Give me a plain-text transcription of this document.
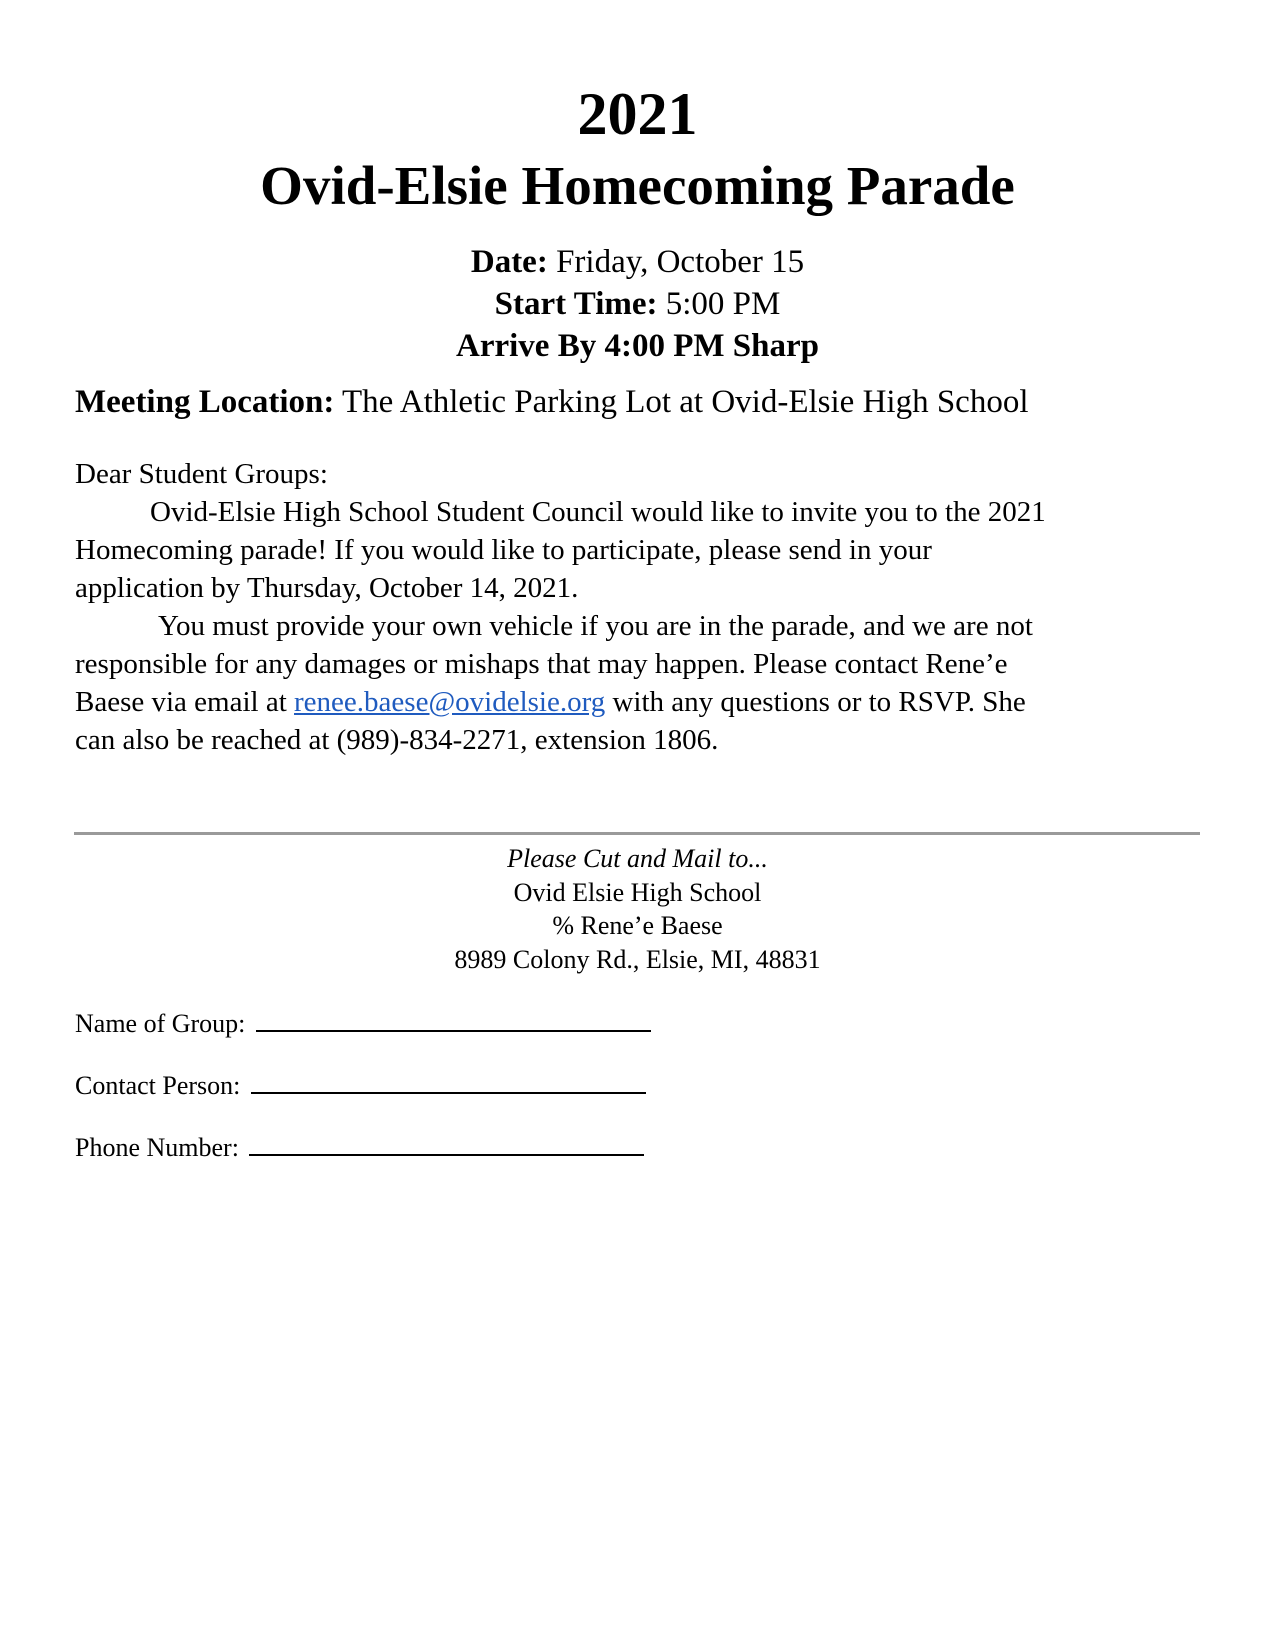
2021
Ovid-Elsie Homecoming Parade
Date: Friday, October 15
Start Time: 5:00 PM
Arrive By 4:00 PM Sharp
Meeting Location: The Athletic Parking Lot at Ovid-Elsie High School
Dear Student Groups:
Ovid-Elsie High School Student Council would like to invite you to the 2021
Homecoming parade! If you would like to participate, please send in your
application by Thursday, October 14, 2021.
You must provide your own vehicle if you are in the parade, and we are not
responsible for any damages or mishaps that may happen. Please contact Rene’e
Baese via email at renee.baese@ovidelsie.org with any questions or to RSVP. She
can also be reached at (989)-834-2271, extension 1806.
Please Cut and Mail to...
Ovid Elsie High School
% Rene’e Baese
8989 Colony Rd., Elsie, MI, 48831
Name of Group:
Contact Person:
Phone Number:
